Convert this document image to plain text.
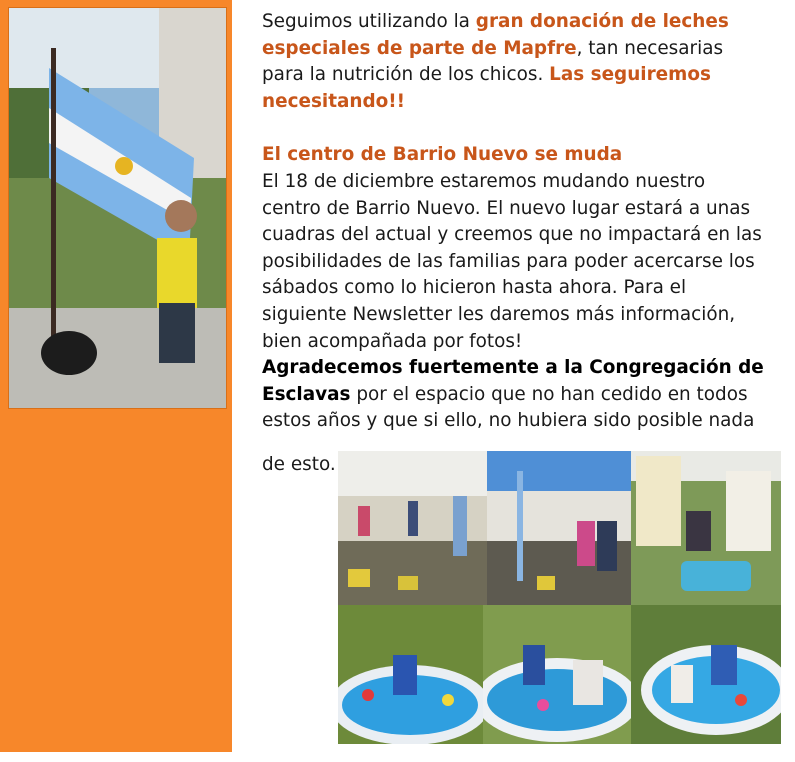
Seguimos utilizando la gran donación de leches especiales de parte de Mapfre, tan necesarias para la nutrición de los chicos. Las seguiremos necesitando!!

El centro de Barrio Nuevo se muda

El 18 de diciembre estaremos mudando nuestro centro de Barrio Nuevo. El nuevo lugar estará a unas cuadras del actual y creemos que no impactará en las posibilidades de las familias para poder acercarse los sábados como lo hicieron hasta ahora. Para el siguiente Newsletter les daremos más información, bien acompañada por fotos!

Agradecemos fuertemente a la Congregación de Esclavas por el espacio que no han cedido en todos estos años y que si ello, no hubiera sido posible nada

de esto.
